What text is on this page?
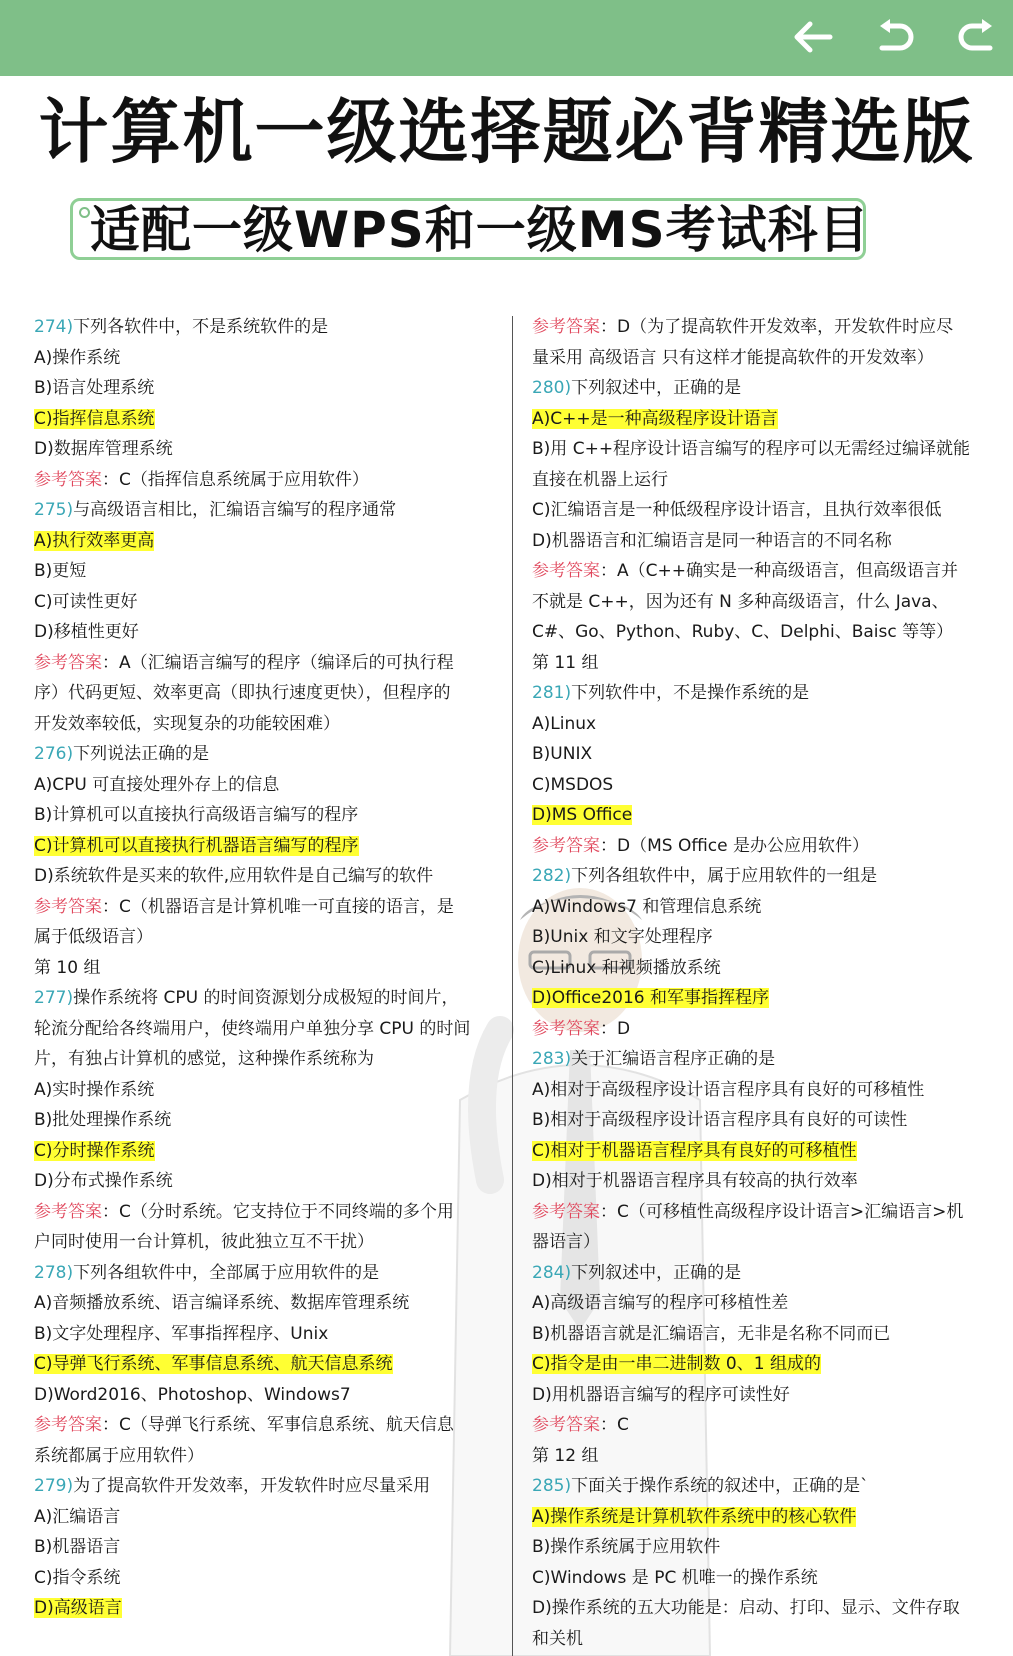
计算机一级选择题必背精选版
适配一级WPS和一级MS考试科目
274)下列各软件中，不是系统软件的是
A)操作系统
B)语言处理系统
C)指挥信息系统
D)数据库管理系统
参考答案：C（指挥信息系统属于应用软件）
275)与高级语言相比，汇编语言编写的程序通常
A)执行效率更高
B)更短
C)可读性更好
D)移植性更好
参考答案：A（汇编语言编写的程序（编译后的可执行程
序）代码更短、效率更高（即执行速度更快），但程序的
开发效率较低，实现复杂的功能较困难）
276)下列说法正确的是
A)CPU 可直接处理外存上的信息
B)计算机可以直接执行高级语言编写的程序
C)计算机可以直接执行机器语言编写的程序
D)系统软件是买来的软件,应用软件是自己编写的软件
参考答案：C（机器语言是计算机唯一可直接的语言，是
属于低级语言）
第 10 组
277)操作系统将 CPU 的时间资源划分成极短的时间片，
轮流分配给各终端用户，使终端用户单独分享 CPU 的时间
片，有独占计算机的感觉，这种操作系统称为
A)实时操作系统
B)批处理操作系统
C)分时操作系统
D)分布式操作系统
参考答案：C（分时系统。它支持位于不同终端的多个用
户同时使用一台计算机，彼此独立互不干扰）
278)下列各组软件中，全部属于应用软件的是
A)音频播放系统、语言编译系统、数据库管理系统
B)文字处理程序、军事指挥程序、Unix
C)导弹飞行系统、军事信息系统、航天信息系统
D)Word2016、Photoshop、Windows7
参考答案：C（导弹飞行系统、军事信息系统、航天信息
系统都属于应用软件）
279)为了提高软件开发效率，开发软件时应尽量采用
A)汇编语言
B)机器语言
C)指令系统
D)高级语言
参考答案：D（为了提高软件开发效率，开发软件时应尽
量采用 高级语言 只有这样才能提高软件的开发效率）
280)下列叙述中，正确的是
A)C++是一种高级程序设计语言
B)用 C++程序设计语言编写的程序可以无需经过编译就能
直接在机器上运行
C)汇编语言是一种低级程序设计语言，且执行效率很低
D)机器语言和汇编语言是同一种语言的不同名称
参考答案：A（C++确实是一种高级语言，但高级语言并
不就是 C++，因为还有 N 多种高级语言，什么 Java、
C#、Go、Python、Ruby、C、Delphi、Baisc 等等）
第 11 组
281)下列软件中，不是操作系统的是
A)Linux
B)UNIX
C)MSDOS
D)MS Office
参考答案：D（MS Office 是办公应用软件）
282)下列各组软件中，属于应用软件的一组是
A)Windows7 和管理信息系统
B)Unix 和文字处理程序
C)Linux 和视频播放系统
D)Office2016 和军事指挥程序
参考答案：D
283)关于汇编语言程序正确的是
A)相对于高级程序设计语言程序具有良好的可移植性
B)相对于高级程序设计语言程序具有良好的可读性
C)相对于机器语言程序具有良好的可移植性
D)相对于机器语言程序具有较高的执行效率
参考答案：C（可移植性高级程序设计语言>汇编语言>机
器语言）
284)下列叙述中，正确的是
A)高级语言编写的程序可移植性差
B)机器语言就是汇编语言，无非是名称不同而已
C)指令是由一串二进制数 0、1 组成的
D)用机器语言编写的程序可读性好
参考答案：C
第 12 组
285)下面关于操作系统的叙述中，正确的是`
A)操作系统是计算机软件系统中的核心软件
B)操作系统属于应用软件
C)Windows 是 PC 机唯一的操作系统
D)操作系统的五大功能是：启动、打印、显示、文件存取
和关机
